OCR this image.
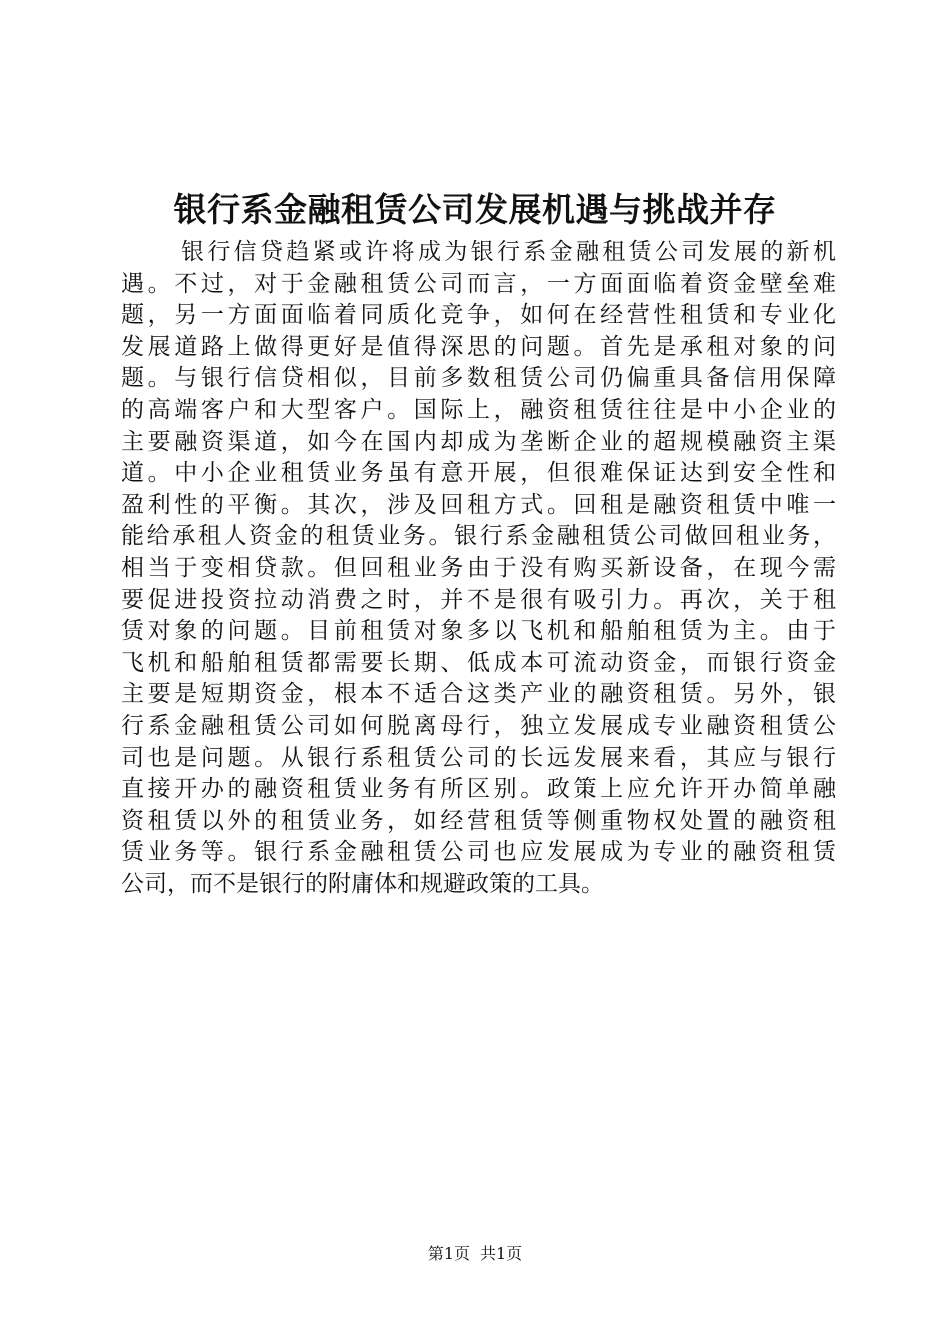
银行系金融租赁公司发展机遇与挑战并存
银行信贷趋紧或许将成为银行系金融租赁公司发展的新机
遇。不过，对于金融租赁公司而言，一方面面临着资金壁垒难
题，另一方面面临着同质化竞争，如何在经营性租赁和专业化
发展道路上做得更好是值得深思的问题。首先是承租对象的问
题。与银行信贷相似，目前多数租赁公司仍偏重具备信用保障
的高端客户和大型客户。国际上，融资租赁往往是中小企业的
主要融资渠道，如今在国内却成为垄断企业的超规模融资主渠
道。中小企业租赁业务虽有意开展，但很难保证达到安全性和
盈利性的平衡。其次，涉及回租方式。回租是融资租赁中唯一
能给承租人资金的租赁业务。银行系金融租赁公司做回租业务，
相当于变相贷款。但回租业务由于没有购买新设备，在现今需
要促进投资拉动消费之时，并不是很有吸引力。再次，关于租
赁对象的问题。目前租赁对象多以飞机和船舶租赁为主。由于
飞机和船舶租赁都需要长期、低成本可流动资金，而银行资金
主要是短期资金，根本不适合这类产业的融资租赁。另外，银
行系金融租赁公司如何脱离母行，独立发展成专业融资租赁公
司也是问题。从银行系租赁公司的长远发展来看，其应与银行
直接开办的融资租赁业务有所区别。政策上应允许开办简单融
资租赁以外的租赁业务，如经营租赁等侧重物权处置的融资租
赁业务等。银行系金融租赁公司也应发展成为专业的融资租赁
公司，而不是银行的附庸体和规避政策的工具。
第1页 共1页
